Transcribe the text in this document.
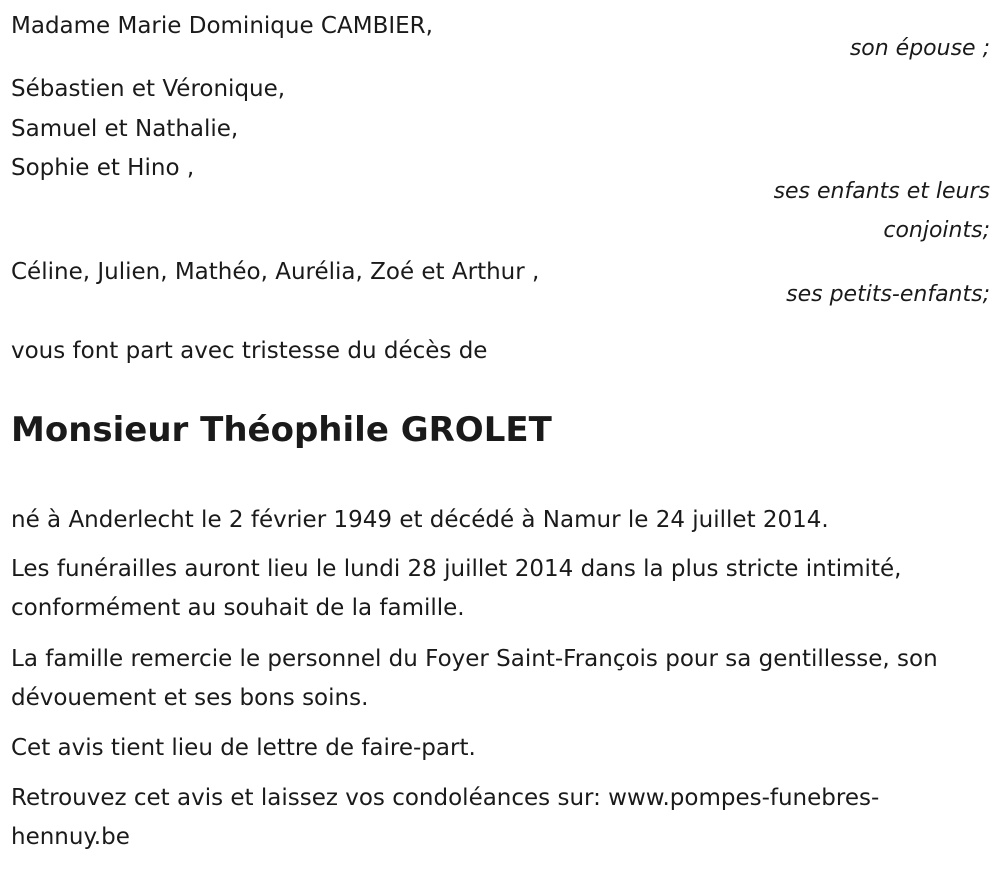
Madame Marie Dominique CAMBIER,
son épouse ;
Sébastien et Véronique,
Samuel et Nathalie,
Sophie et Hino ,
ses enfants et leurs
conjoints;
Céline, Julien, Mathéo, Aurélia, Zoé et Arthur ,
ses petits-enfants;
vous font part avec tristesse du décès de
Monsieur Théophile GROLET
né à Anderlecht le 2 février 1949 et décédé à Namur le 24 juillet 2014.
Les funérailles auront lieu le lundi 28 juillet 2014 dans la plus stricte intimité, conformément au souhait de la famille.
La famille remercie le personnel du Foyer Saint-François pour sa gentillesse, son dévouement et ses bons soins.
Cet avis tient lieu de lettre de faire-part.
Retrouvez cet avis et laissez vos condoléances sur: www.pompes-funebres-hennuy.be
